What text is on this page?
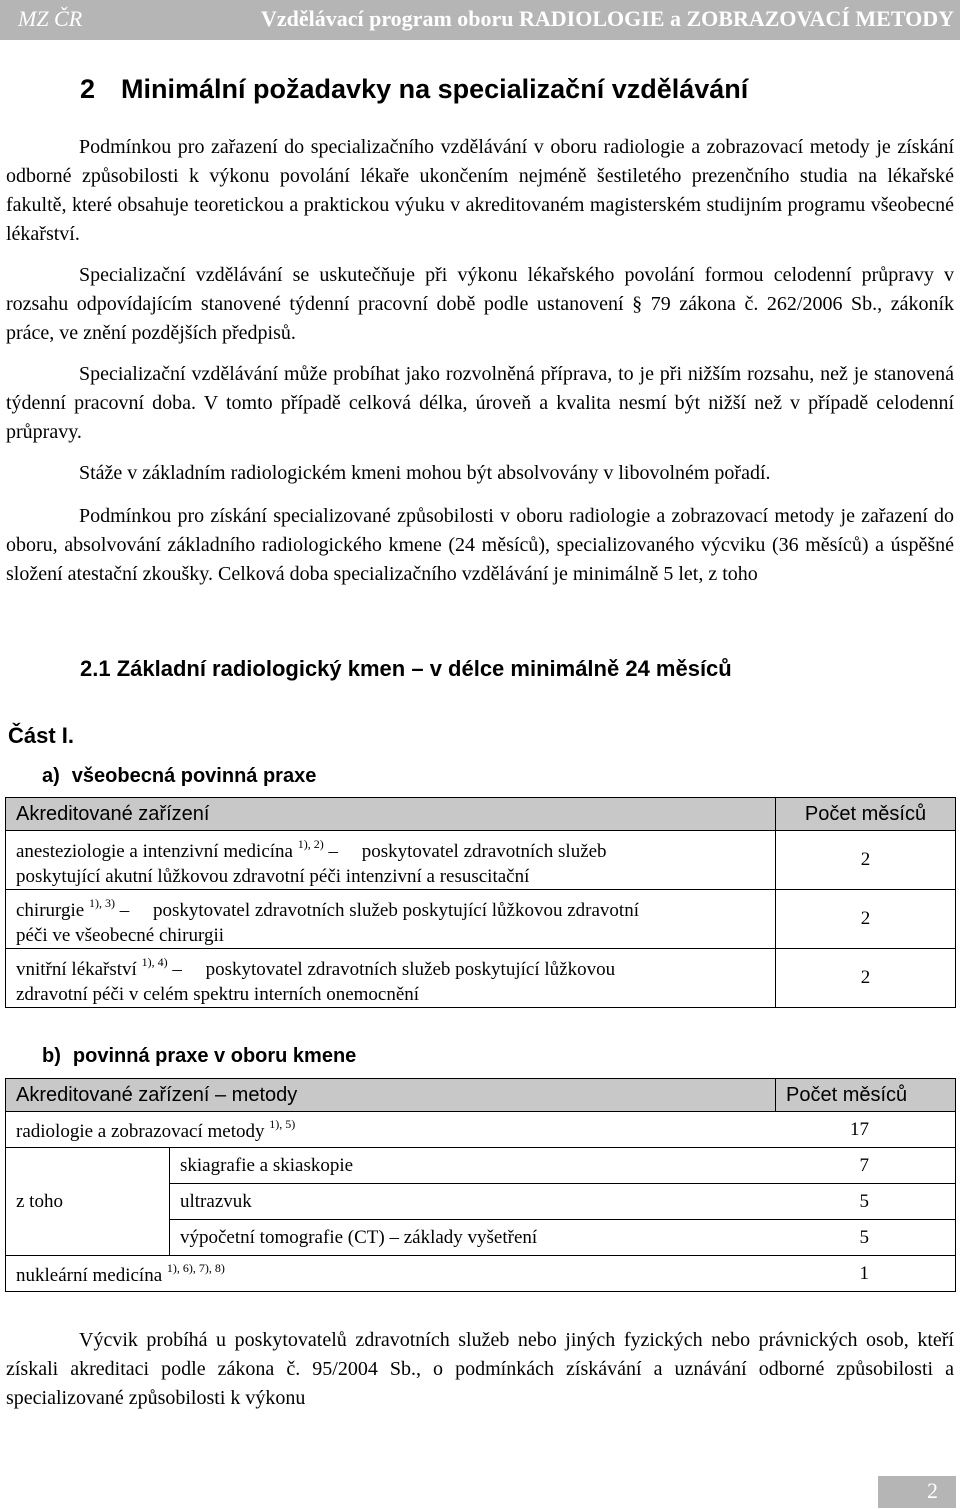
MZ ČR	Vzdělávací program oboru RADIOLOGIE a ZOBRAZOVACÍ METODY
2 Minimální požadavky na specializační vzdělávání
Podmínkou pro zařazení do specializačního vzdělávání v oboru radiologie a zobrazovací metody je získání odborné způsobilosti k výkonu povolání lékaře ukončením nejméně šestiletého prezenčního studia na lékařské fakultě, které obsahuje teoretickou a praktickou výuku v akreditovaném magisterském studijním programu všeobecné lékařství.
Specializační vzdělávání se uskutečňuje při výkonu lékařského povolání formou celodenní průpravy v rozsahu odpovídajícím stanovené týdenní pracovní době podle ustanovení § 79 zákona č. 262/2006 Sb., zákoník práce, ve znění pozdějších předpisů.
Specializační vzdělávání může probíhat jako rozvolněná příprava, to je při nižším rozsahu, než je stanovená týdenní pracovní doba. V tomto případě celková délka, úroveň a kvalita nesmí být nižší než v případě celodenní průpravy.
Stáže v základním radiologickém kmeni mohou být absolvovány v libovolném pořadí.
Podmínkou pro získání specializované způsobilosti v oboru radiologie a zobrazovací metody je zařazení do oboru, absolvování základního radiologického kmene (24 měsíců), specializovaného výcviku (36 měsíců) a úspěšné složení atestační zkoušky. Celková doba specializačního vzdělávání je minimálně 5 let, z toho
2.1 Základní radiologický kmen – v délce minimálně 24 měsíců
Část I.
a) všeobecná povinná praxe
Akreditované zařízení	Počet měsíců
anesteziologie a intenzivní medicína $^{1), 2)}$ – poskytovatel zdravotních služeb
poskytující akutní lůžkovou zdravotní péči intenzivní a resuscitační	2
chirurgie $^{1), 3)}$ – poskytovatel zdravotních služeb poskytující lůžkovou zdravotní
péči ve všeobecné chirurgii	2
vnitřní lékařství $^{1), 4)}$ – poskytovatel zdravotních služeb poskytující lůžkovou
zdravotní péči v celém spektru interních onemocnění	2
b) povinná praxe v oboru kmene
Akreditované zařízení – metody		Počet měsíců
radiologie a zobrazovací metody $^{1), 5)}$		17
z toho	skiagrafie a skiaskopie	7
	ultrazvuk	5
	výpočetní tomografie (CT) – základy vyšetření	5
nukleární medicína $^{1), 6), 7), 8)}$		1
Výcvik probíhá u poskytovatelů zdravotních služeb nebo jiných fyzických nebo právnických osob, kteří získali akreditaci podle zákona č. 95/2004 Sb., o podmínkách získávání a uznávání odborné způsobilosti a specializované způsobilosti k výkonu
2
